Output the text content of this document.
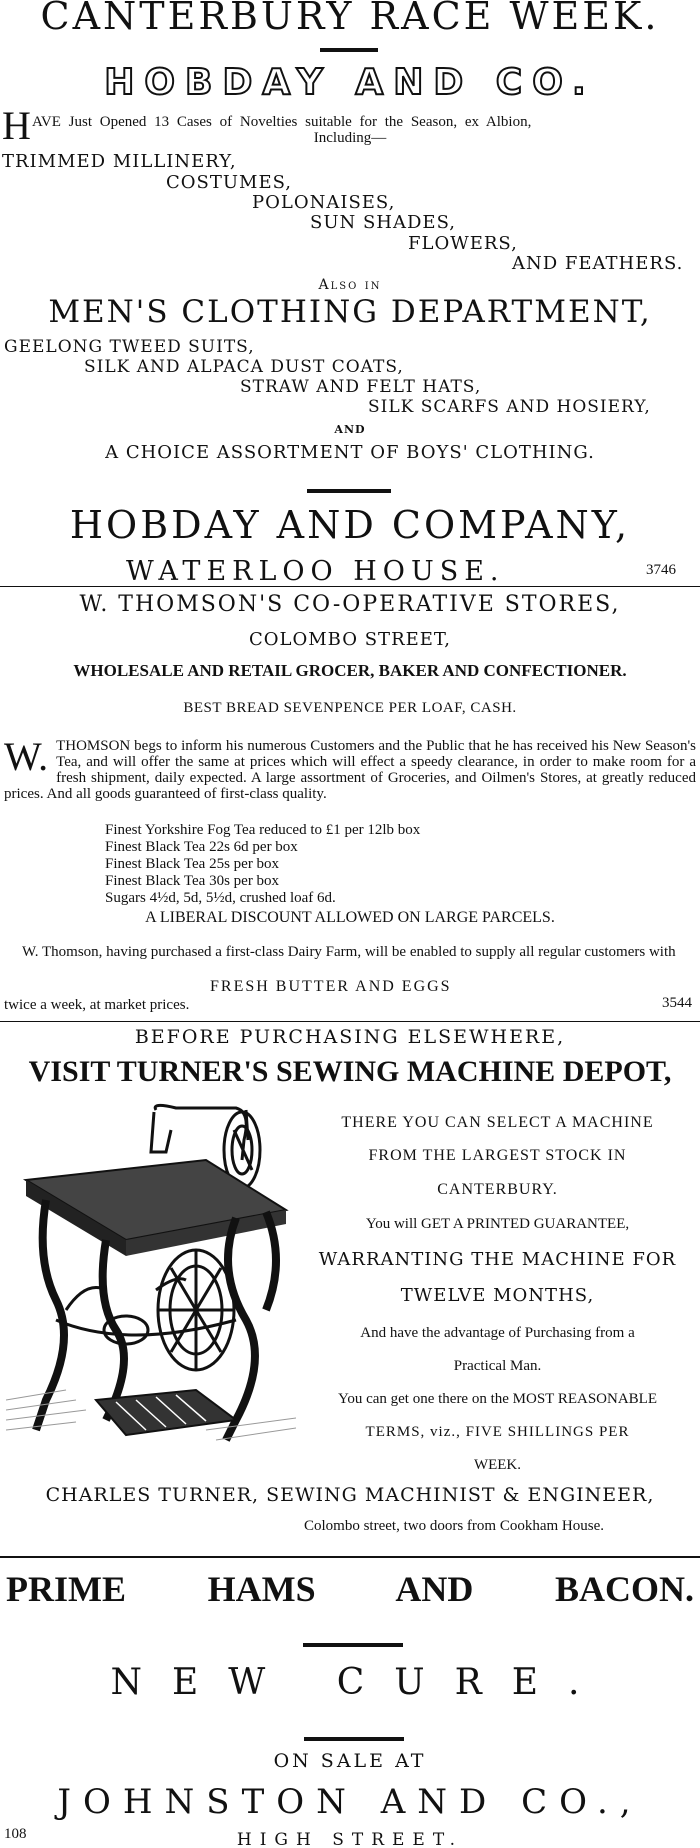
CANTERBURY RACE WEEK.
HOBDAY AND CO.
H AVE Just Opened 13 Cases of Novelties suitable for the Season, ex Albion,
Including—
TRIMMED MILLINERY,
COSTUMES,
POLONAISES,
SUN SHADES,
FLOWERS,
AND FEATHERS.
Also in
MEN'S CLOTHING DEPARTMENT,
GEELONG TWEED SUITS,
SILK AND ALPACA DUST COATS,
STRAW AND FELT HATS,
SILK SCARFS AND HOSIERY,
AND
A CHOICE ASSORTMENT OF BOYS' CLOTHING.
HOBDAY AND COMPANY,
WATERLOO HOUSE.	3746
W. THOMSON'S CO-OPERATIVE STORES,
COLOMBO STREET,
WHOLESALE AND RETAIL GROCER, BAKER AND CONFECTIONER.
BEST BREAD SEVENPENCE PER LOAF, CASH.
W. THOMSON begs to inform his numerous Customers and the Public that he has received his New Season's Tea, and will offer the same at prices which will effect a speedy clearance, in order to make room for a fresh shipment, daily expected. A large assortment of Groceries, and Oilmen's Stores, at greatly reduced prices. And all goods guaranteed of first-class quality.
Finest Yorkshire Fog Tea reduced to £1 per 12lb box
Finest Black Tea 22s 6d per box
Finest Black Tea 25s per box
Finest Black Tea 30s per box
Sugars 4½d, 5d, 5½d, crushed loaf 6d.
A LIBERAL DISCOUNT ALLOWED ON LARGE PARCELS.
W. Thomson, having purchased a first-class Dairy Farm, will be enabled to supply all regular customers with
FRESH BUTTER AND EGGS
twice a week, at market prices.	3544
BEFORE PURCHASING ELSEWHERE,
VISIT TURNER'S SEWING MACHINE DEPOT,
THERE YOU CAN SELECT A MACHINE
FROM THE LARGEST STOCK IN
CANTERBURY.
You will GET A PRINTED GUARANTEE,
WARRANTING THE MACHINE FOR
TWELVE MONTHS,
And have the advantage of Purchasing from a
Practical Man.
You can get one there on the MOST REASONABLE
TERMS, viz., FIVE SHILLINGS PER
WEEK.
CHARLES TURNER, SEWING MACHINIST & ENGINEER,
Colombo street, two doors from Cookham House.
PRIME HAMS AND BACON.
NEW CURE.
ON SALE AT
JOHNSTON AND CO.,
HIGH STREET.
108
